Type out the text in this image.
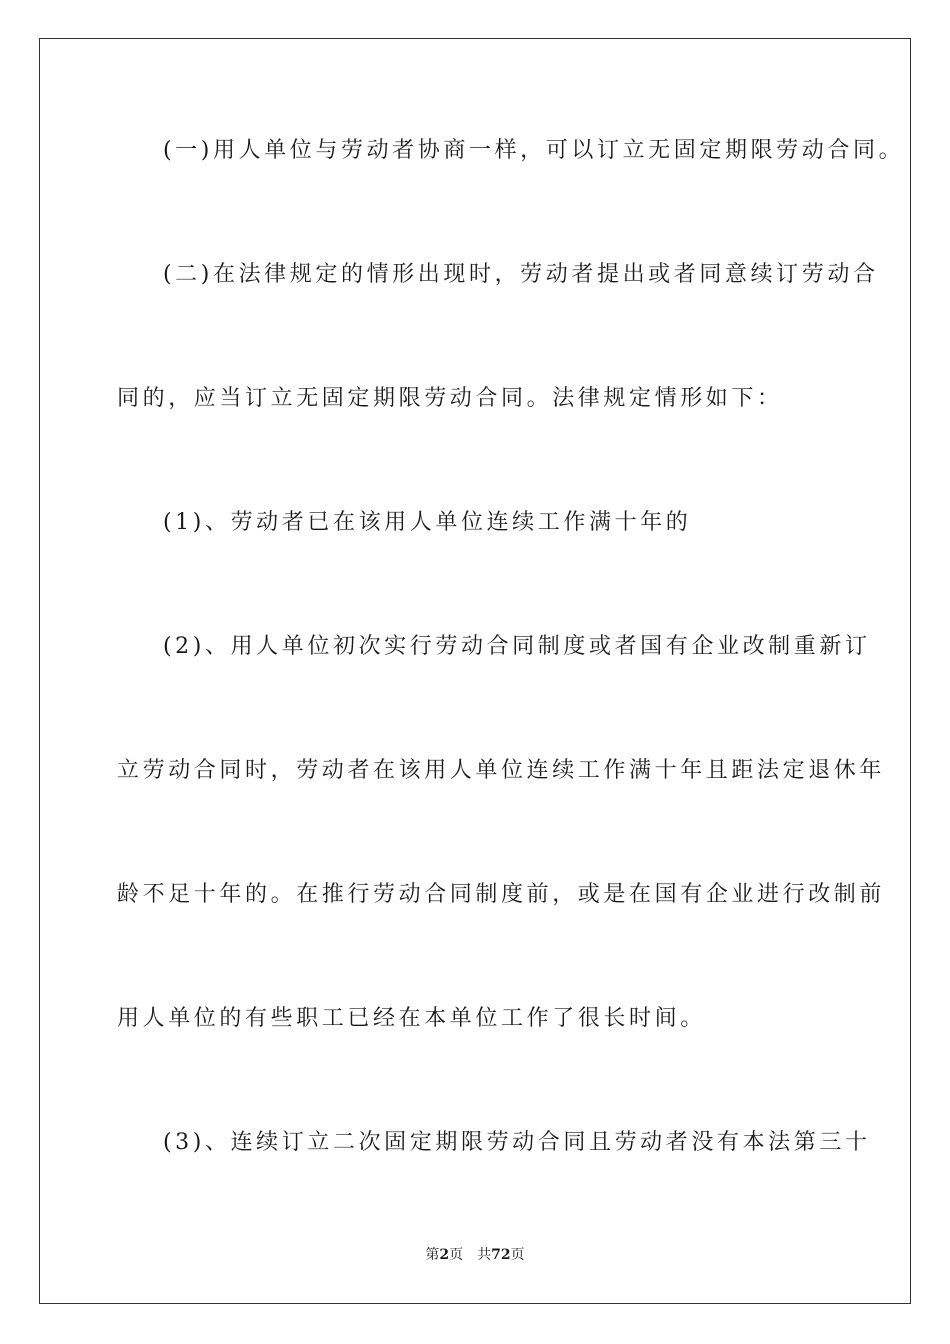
(一)用人单位与劳动者协商一样，可以订立无固定期限劳动合同。
(二)在法律规定的情形出现时，劳动者提出或者同意续订劳动合
同的，应当订立无固定期限劳动合同。法律规定情形如下：
(1)、劳动者已在该用人单位连续工作满十年的
(2)、用人单位初次实行劳动合同制度或者国有企业改制重新订
立劳动合同时，劳动者在该用人单位连续工作满十年且距法定退休年
龄不足十年的。在推行劳动合同制度前，或是在国有企业进行改制前
用人单位的有些职工已经在本单位工作了很长时间。
(3)、连续订立二次固定期限劳动合同且劳动者没有本法第三十
第2页 共72页
